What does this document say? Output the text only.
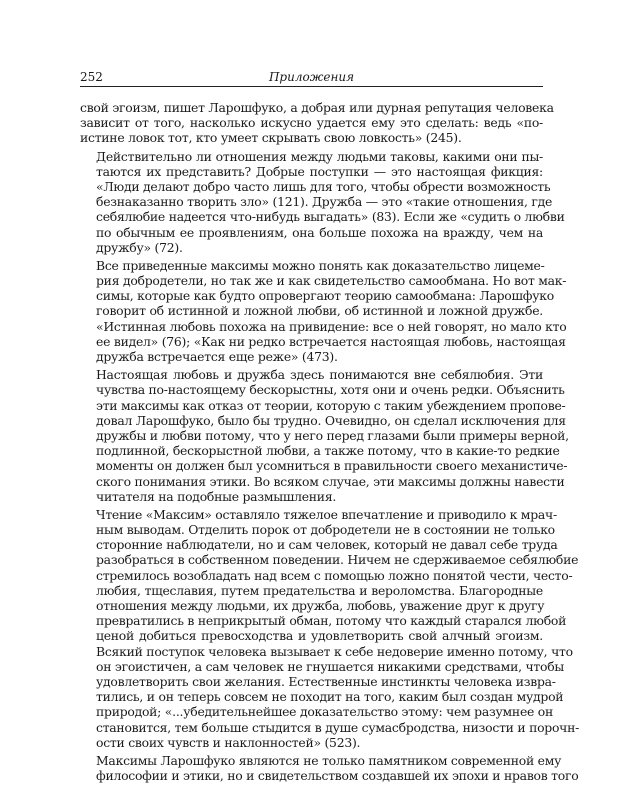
252	Приложения
свой эгоизм, пишет Ларошфуко, а добрая или дурная репутация человека
зависит от того, насколько искусно удается ему это сделать: ведь «по-
истине ловок тот, кто умеет скрывать свою ловкость» (245).
Действительно ли отношения между людьми таковы, какими они пы-
таются их представить? Добрые поступки — это настоящая фикция:
«Люди делают добро часто лишь для того, чтобы обрести возможность
безнаказанно творить зло» (121). Дружба — это «такие отношения, где
себялюбие надеется что-нибудь выгадать» (83). Если же «судить о любви
по обычным ее проявлениям, она больше похожа на вражду, чем на
дружбу» (72).
Все приведенные максимы можно понять как доказательство лицеме-
рия добродетели, но так же и как свидетельство самообмана. Но вот мак-
симы, которые как будто опровергают теорию самообмана: Ларошфуко
говорит об истинной и ложной любви, об истинной и ложной дружбе.
«Истинная любовь похожа на привидение: все о ней говорят, но мало кто
ее видел» (76); «Как ни редко встречается настоящая любовь, настоящая
дружба встречается еще реже» (473).
Настоящая любовь и дружба здесь понимаются вне себялюбия. Эти
чувства по-настоящему бескорыстны, хотя они и очень редки. Объяснить
эти максимы как отказ от теории, которую с таким убеждением пропове-
довал Ларошфуко, было бы трудно. Очевидно, он сделал исключения для
дружбы и любви потому, что у него перед глазами были примеры верной,
подлинной, бескорыстной любви, а также потому, что в какие-то редкие
моменты он должен был усомниться в правильности своего механистиче-
ского понимания этики. Во всяком случае, эти максимы должны навести
читателя на подобные размышления.
Чтение «Максим» оставляло тяжелое впечатление и приводило к мрач-
ным выводам. Отделить порок от добродетели не в состоянии не только
сторонние наблюдатели, но и сам человек, который не давал себе труда
разобраться в собственном поведении. Ничем не сдерживаемое себялюбие
стремилось возобладать над всем с помощью ложно понятой чести, често-
любия, тщеславия, путем предательства и вероломства. Благородные
отношения между людьми, их дружба, любовь, уважение друг к другу
превратились в неприкрытый обман, потому что каждый старался любой
ценой добиться превосходства и удовлетворить свой алчный эгоизм.
Всякий поступок человека вызывает к себе недоверие именно потому, что
он эгоистичен, а сам человек не гнушается никакими средствами, чтобы
удовлетворить свои желания. Естественные инстинкты человека извра-
тились, и он теперь совсем не походит на того, каким был создан мудрой
природой; «...убедительнейшее доказательство этому: чем разумнее он
становится, тем больше стыдится в душе сумасбродства, низости и порочн-
ости своих чувств и наклонностей» (523).
Максимы Ларошфуко являются не только памятником современной ему
философии и этики, но и свидетельством создавшей их эпохи и нравов того
